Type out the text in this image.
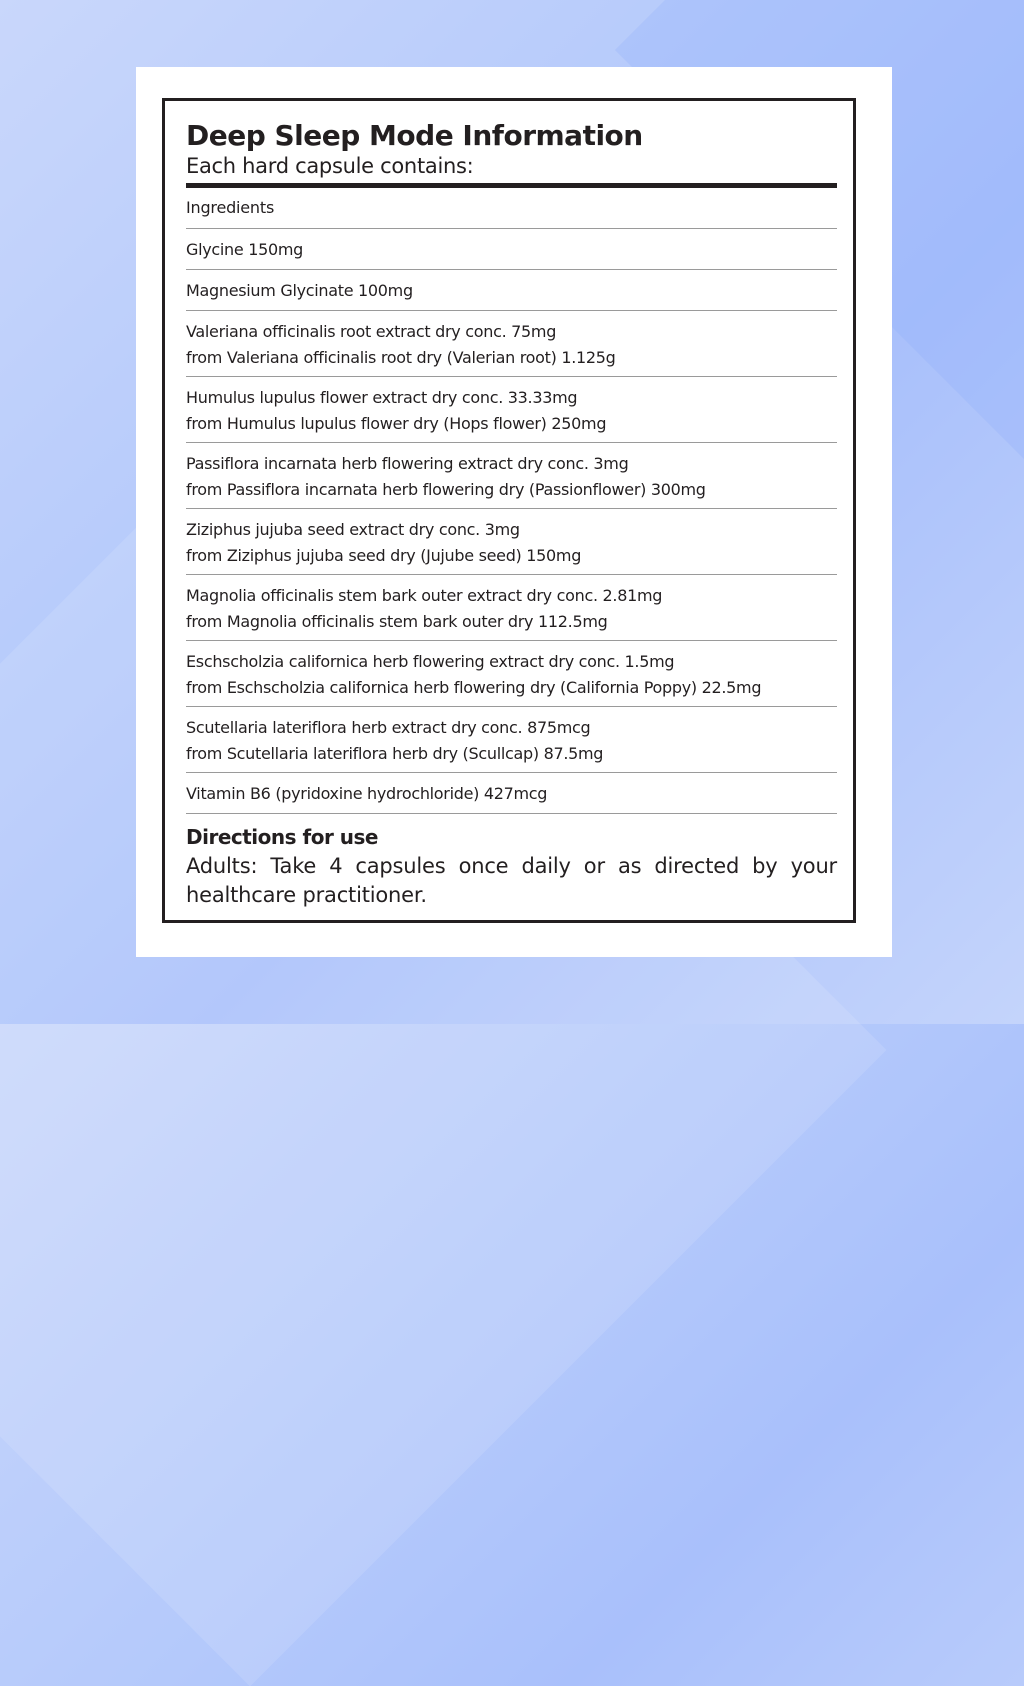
Deep Sleep Mode Information
Each hard capsule contains:
Ingredients
Glycine 150mg
Magnesium Glycinate 100mg
Valeriana officinalis root extract dry conc. 75mg
from Valeriana officinalis root dry (Valerian root) 1.125g
Humulus lupulus flower extract dry conc. 33.33mg
from Humulus lupulus flower dry (Hops flower) 250mg
Passiflora incarnata herb flowering extract dry conc. 3mg
from Passiflora incarnata herb flowering dry (Passionflower) 300mg
Ziziphus jujuba seed extract dry conc. 3mg
from Ziziphus jujuba seed dry (Jujube seed) 150mg
Magnolia officinalis stem bark outer extract dry conc. 2.81mg
from Magnolia officinalis stem bark outer dry 112.5mg
Eschscholzia californica herb flowering extract dry conc. 1.5mg
from Eschscholzia californica herb flowering dry (California Poppy) 22.5mg
Scutellaria lateriflora herb extract dry conc. 875mcg
from Scutellaria lateriflora herb dry (Scullcap) 87.5mg
Vitamin B6 (pyridoxine hydrochloride) 427mcg
Directions for use
Adults: Take 4 capsules once daily or as directed by your healthcare practitioner.
